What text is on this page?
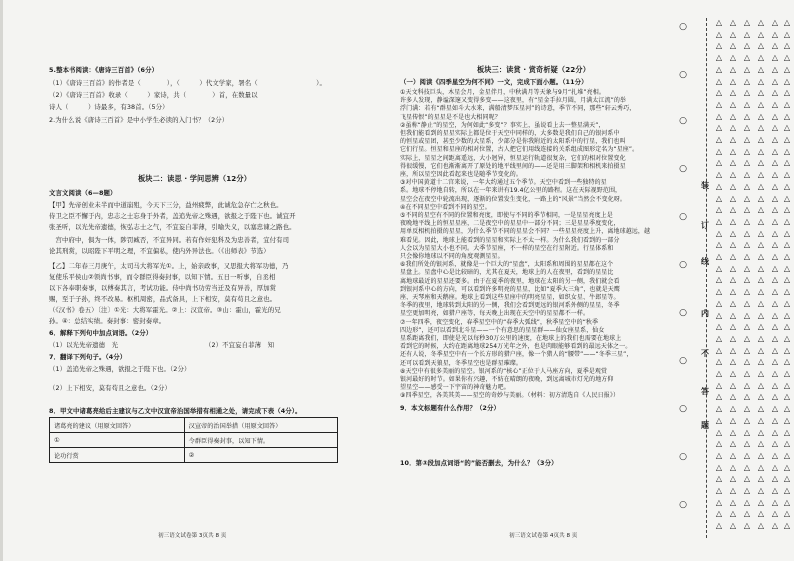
5.整本书阅读：《唐诗三百首》（6分）
（1）《唐诗三百首》的作者是（　　　　），（　　　）代文学家，署名（　　　　　　　　　）。
（2）《唐诗三百首》收录（　　　）家诗，共（　　　　）首，在数量以
诗人（　　　）诗最多，有38首。（5分）
2.为什么说《唐诗三百首》是中小学生必读的入门书？（2分）
板块二：读思 · 学问思辨（12分）
文言文阅读（6—8题）
【甲】先帝创业未半而中道崩殂，今天下三分，益州疲弊，此诚危急存亡之秋也。
侍卫之臣不懈于内，忠志之士忘身于外者，盖追先帝之殊遇，欲报之于陛下也。诚宜开
张圣听，以光先帝遗德，恢弘志士之气，不宜妄自菲薄，引喻失义，以塞忠谏之路也。
　宫中府中，俱为一体，陟罚臧否，不宜异同。若有作奸犯科及为忠善者，宜付有司
论其刑赏，以昭陛下平明之理，不宜偏私，使内外异法也。（《出师表》节选）
【乙】二年春三月庚午，太司马大将军光①。上，始亲政事，又思报大将军功德，乃
复使乐平侯山②领尚书事，而令群臣得奏封事，以知下情。五日一听事，自丞相
以下各奉职奏事，以傅奏其言，考试功能。侍中尚书功劳当迁及有异善，厚加赏
赐，至于子孙，终不改易。枢机周密，品式备具，上下相安，莫有苟且之意也。
（《汉书》卷五）〔注〕①光：大将军霍光。②上：汉宣帝。③山：霍山，霍光的兄
孙。④：总结实绩。奏封事：密封奏章。
6．解释下列句中加点词语。（2分）
（1）以光先帝遗德　光	（2）不宜妄自菲薄　知
7．翻译下列句子。（4分）
（1）盖追先帝之殊遇，欲报之于陛下也。（2分）
（2）上下相安，莫有苟且之意也。（2分）
8．甲文中诸葛亮给后主建议与乙文中汉宣帝治国举措有相通之处，请完成下表（4分）。
诸葛亮的建议（用原文回答）	汉宣帝的治国举措（用原文回答）
①	令群臣得奏封事，以知下情。
论功行赏	②
初三语文试卷第 3页共 8 页
板块三：读赏 · 赏奇析疑（22分）
（一）阅读《四季星空为何不同》一文，完成下面小题。（11分）
①天文科技巨头，木星会月，金星伴月，中秋满月等天象与9月“扎堆”亮相。
许多人发现，静谧深邃又变得多变——这夜里，有“星金手拉月圆，月满太江流”的举
浮门满：若有“群星如斗大水来，满船清梦压星河”的诗意，季节不同，那些“轩云秀巧，
飞星传恨”的星星是不是也大相同呢？
②虽称“静止”的星空，为何如此“多变”？事实上，虽说看上去一整星满天”，
但我们能看到的星星实际上都是位于天空中同样的，大多数是我们自己的银河系中
的恒星或星团，甚至少数的大星系，少部分是你我附近的太阳系中的行星，我们也叫
它们行星。恒星和星座的相对位置，古人把它们用线连接的关系组成图形定名为“星座”。
实际上，星星之间距离遥远，大小迥异，恒星运行轨道很复杂，它们的相对位置变化
得很缓慢，它们也渐渐离开了原处的地平线里间的——还是用三脚架和相机来拍摄星
座，所以星空因此看起来也是随季节变化的。
③对中国黄道十二宫来说，一年大约通过五个季节。天空中看到一些独特的星
系。地球不停地自转，所以在一年来讲有19.4亿公里的路程。这在天际视野范围，
星空会在夜空中轮流出现，逐渐的位置发生变化，一路上的“风景”当然会不变化呀。
④在不同星空中看到不同的星空。
⑤不同的星空有不同的位置和亮度，即使与不同的季节相同，一是星星亮度上是
夜晚地平线上的恒星星座，二是夜空中的星星中一部分不同；三是星星季度变化，
用单反相机拍摄的星星，为什么季节不同的星星会不同？一些星星亮度上升，离地球越远，越
难看见。因此，地球上能看到的星星和实际上不太一样。为什么我们看到的一部分
人会以为星星大小也不同。大季节星座，不一样的星空在行星附近。行星体系和
只会像你地球以不同的角度观测星星。
⑥我们所处的银河系，就像是一个巨大的“星盘”，太阳系和周围的星星都在这个
星盘上。星盘中心是比较暗的，尤其在夏天，地球上的人在夜里，看到的星星比
离地球最近的星星还要多。由于在夏季的夜里，地球在太阳的另一侧，我们就会看
到银河系中心的方向，可以看到许多明亮的星星，比如“夏季大三角”，也就是天鹰
座、天琴座和天鹅座。地球上看到这些星座中的明亮星星，如织女星、牛郎星等。
冬季的夜里，地球转到太阳的另一侧，我们会看到更远的银河系外侧的星星，冬季
星空更加明亮，如猎户座等，每天晚上出现在天空中的星星都不一样。
⑦一年四季，夜空变化，春季星空中的“春季大弧线”，秋季星空中的“秋季
四边形”，还可以看到北斗星——一个有意思的星星群——仙女座星系，仙女
星系距离我们，即使是光以每秒30万公里的速度，在地球上的我们也需要在地球上
看到它的时候，大约在距离地球254万光年之外，也是肉眼能够看到的最远天体之一。
还有人说，冬季星空中有一个长方形的猎户座，像一个猎人的“腰带”——“冬季三星”，
还可以看到天狼星，冬季星空也是群星璀璨。
⑧天空中有很多美丽的星空。银河系的“核心”正位于人马座方向，夏季是观赏
银河最好的时节。如果你有兴趣，不妨在晴朗的夜晚，到远离城市灯光的地方仰
望星空——感受一下宇宙的神奇魅力吧。
⑨四季星空，各美其美——星空的奇妙与美丽。（材料：初方清选自《人民日报》）
9．本文标题有什么作用？（2分）
10．第③段加点词语“的”能否删去，为什么？（3分）
初三语文试卷第 4页共 8 页
○
○
○
○
○
○
○
○
○
○
○
装
订
线
内
不
答
题
△
△
△
△
△
△
△
△
△
△
△
△
△
△
△
△
△
△
△
△
△
△
△
△
△
△
△
△
△
△
△
△
△
△
△
△
△
△
△
△
△
△
△
△
△
△
△
△
△
△
△
△
△
△
△
△
△
△
△
△
△
△
△
△
△
△
△
△
△
△
△
△
△
△
△
△
△
△
△
△
△
△
△
△
△
△
△
△
△
△
△
△
△
△
△
△
△
△
△
△
△
△
△
△
△
△
△
△
△
△
△
△
△
△
△
△
△
△
△
△
△
△
△
△
△
△
△
△
△
△
△
△
△
△
△
△
△
△
△
△
△
△
△
△
△
△
△
△
△
△
△
△
△
△
△
△
△
△
△
△
△
△
△
△
△
△
△
△
△
△
△
△
△
△
△
△
△
△
△
△
△
△
△
△
△
△
△
△
△
△
△
△
△
△
△
△
△
△
△
△
△
△
△
△
△
△
△
△
△
△
△
△
△
△
△
△
△
△
△
△
△
△
△
△
△
△
△
△
△
△
△
△
△
△
△
△
△
△
△
△
△
△
△
△
△
△
△
△
△
△
△
△
△
△
△
△
△
△
△
△
△
△
△
△
